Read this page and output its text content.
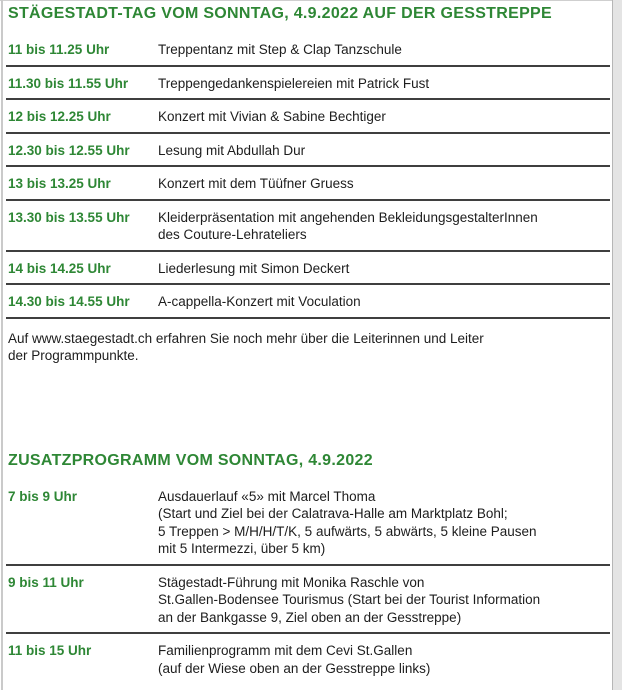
STÄGESTADT-TAG VOM SONNTAG, 4.9.2022 AUF DER GESSTREPPE
11 bis 11.25 Uhr	Treppentanz mit Step & Clap Tanzschule
11.30 bis 11.55 Uhr	Treppengedankenspielereien mit Patrick Fust
12 bis 12.25 Uhr	Konzert mit Vivian & Sabine Bechtiger
12.30 bis 12.55 Uhr	Lesung mit Abdullah Dur
13 bis 13.25 Uhr	Konzert mit dem Tüüfner Gruess
13.30 bis 13.55 Uhr	Kleiderpräsentation mit angehenden BekleidungsgestalterInnen
des Couture-Lehrateliers
14 bis 14.25 Uhr	Liederlesung mit Simon Deckert
14.30 bis 14.55 Uhr	A-cappella-Konzert mit Voculation

Auf www.staegestadt.ch erfahren Sie noch mehr über die Leiterinnen und Leiter
der Programmpunkte.

ZUSATZPROGRAMM VOM SONNTAG, 4.9.2022
7 bis 9 Uhr	Ausdauerlauf «5» mit Marcel Thoma
(Start und Ziel bei der Calatrava-Halle am Marktplatz Bohl;
5 Treppen > M/H/H/T/K, 5 aufwärts, 5 abwärts, 5 kleine Pausen
mit 5 Intermezzi, über 5 km)
9 bis 11 Uhr	Stägestadt-Führung mit Monika Raschle von
St.Gallen-Bodensee Tourismus (Start bei der Tourist Information
an der Bankgasse 9, Ziel oben an der Gesstreppe)
11 bis 15 Uhr	Familienprogramm mit dem Cevi St.Gallen
(auf der Wiese oben an der Gesstreppe links)
